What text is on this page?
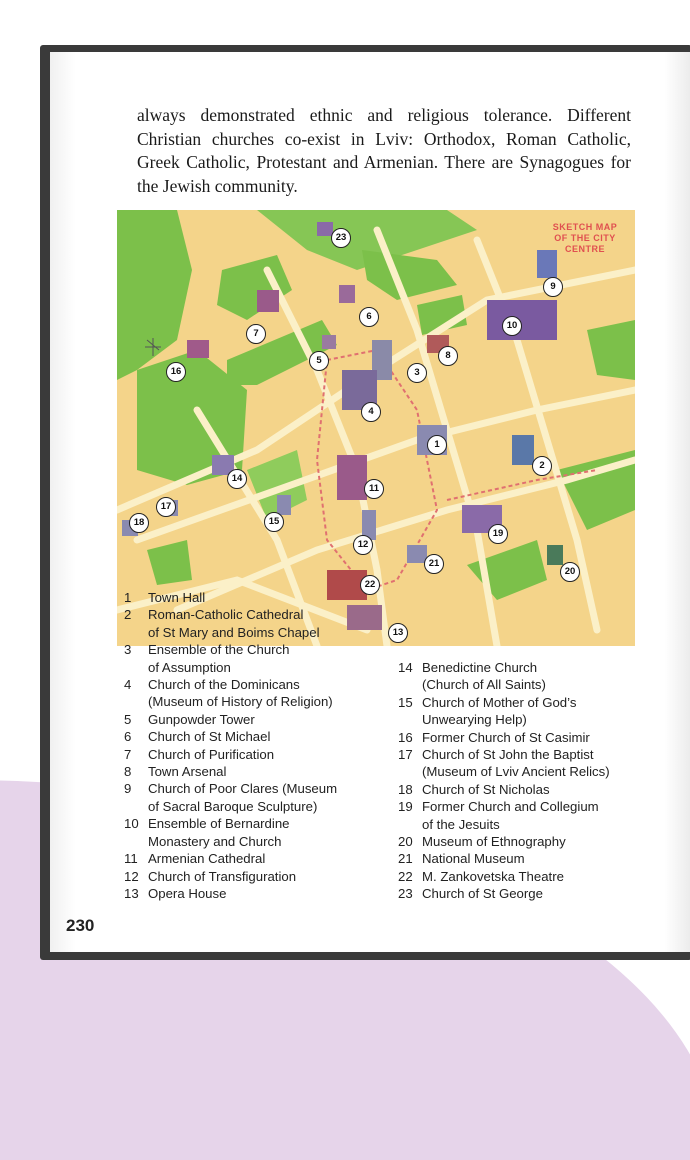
always demonstrated ethnic and religious tolerance. Different Christian churches co-exist in Lviv: Orthodox, Roman Catholic, Greek Catholic, Protestant and Armenian. There are Synagogues for the Jewish community.

SKETCH MAP
OF THE CITY
CENTRE
23
9
6
7
10
8
5
3
16
4
1
2
14
11
17
18	15
19
12
21
20
22
13
1	Town Hall
2	Roman-Catholic Cathedral
of St Mary and Boims Chapel
3	Ensemble of the Church
of Assumption
4	Church of the Dominicans
(Museum of History of Religion)
5	Gunpowder Tower
6	Church of St Michael
7	Church of Purification
8	Town Arsenal
9	Church of Poor Clares (Museum
of Sacral Baroque Sculpture)
10 Ensemble of Bernardine
Monastery and Church
11 Armenian Cathedral
12 Church of Transfiguration
13 Opera House
14 Benedictine Church
(Church of All Saints)
15 Church of Mother of God’s
Unwearying Help)
16 Former Church of St Casimir
17 Church of St John the Baptist
(Museum of Lviv Ancient Relics)
18 Church of St Nicholas
19 Former Church and Collegium
of the Jesuits
20 Museum of Ethnography
21 National Museum
22 M. Zankovetska Theatre
23 Church of St George
230
